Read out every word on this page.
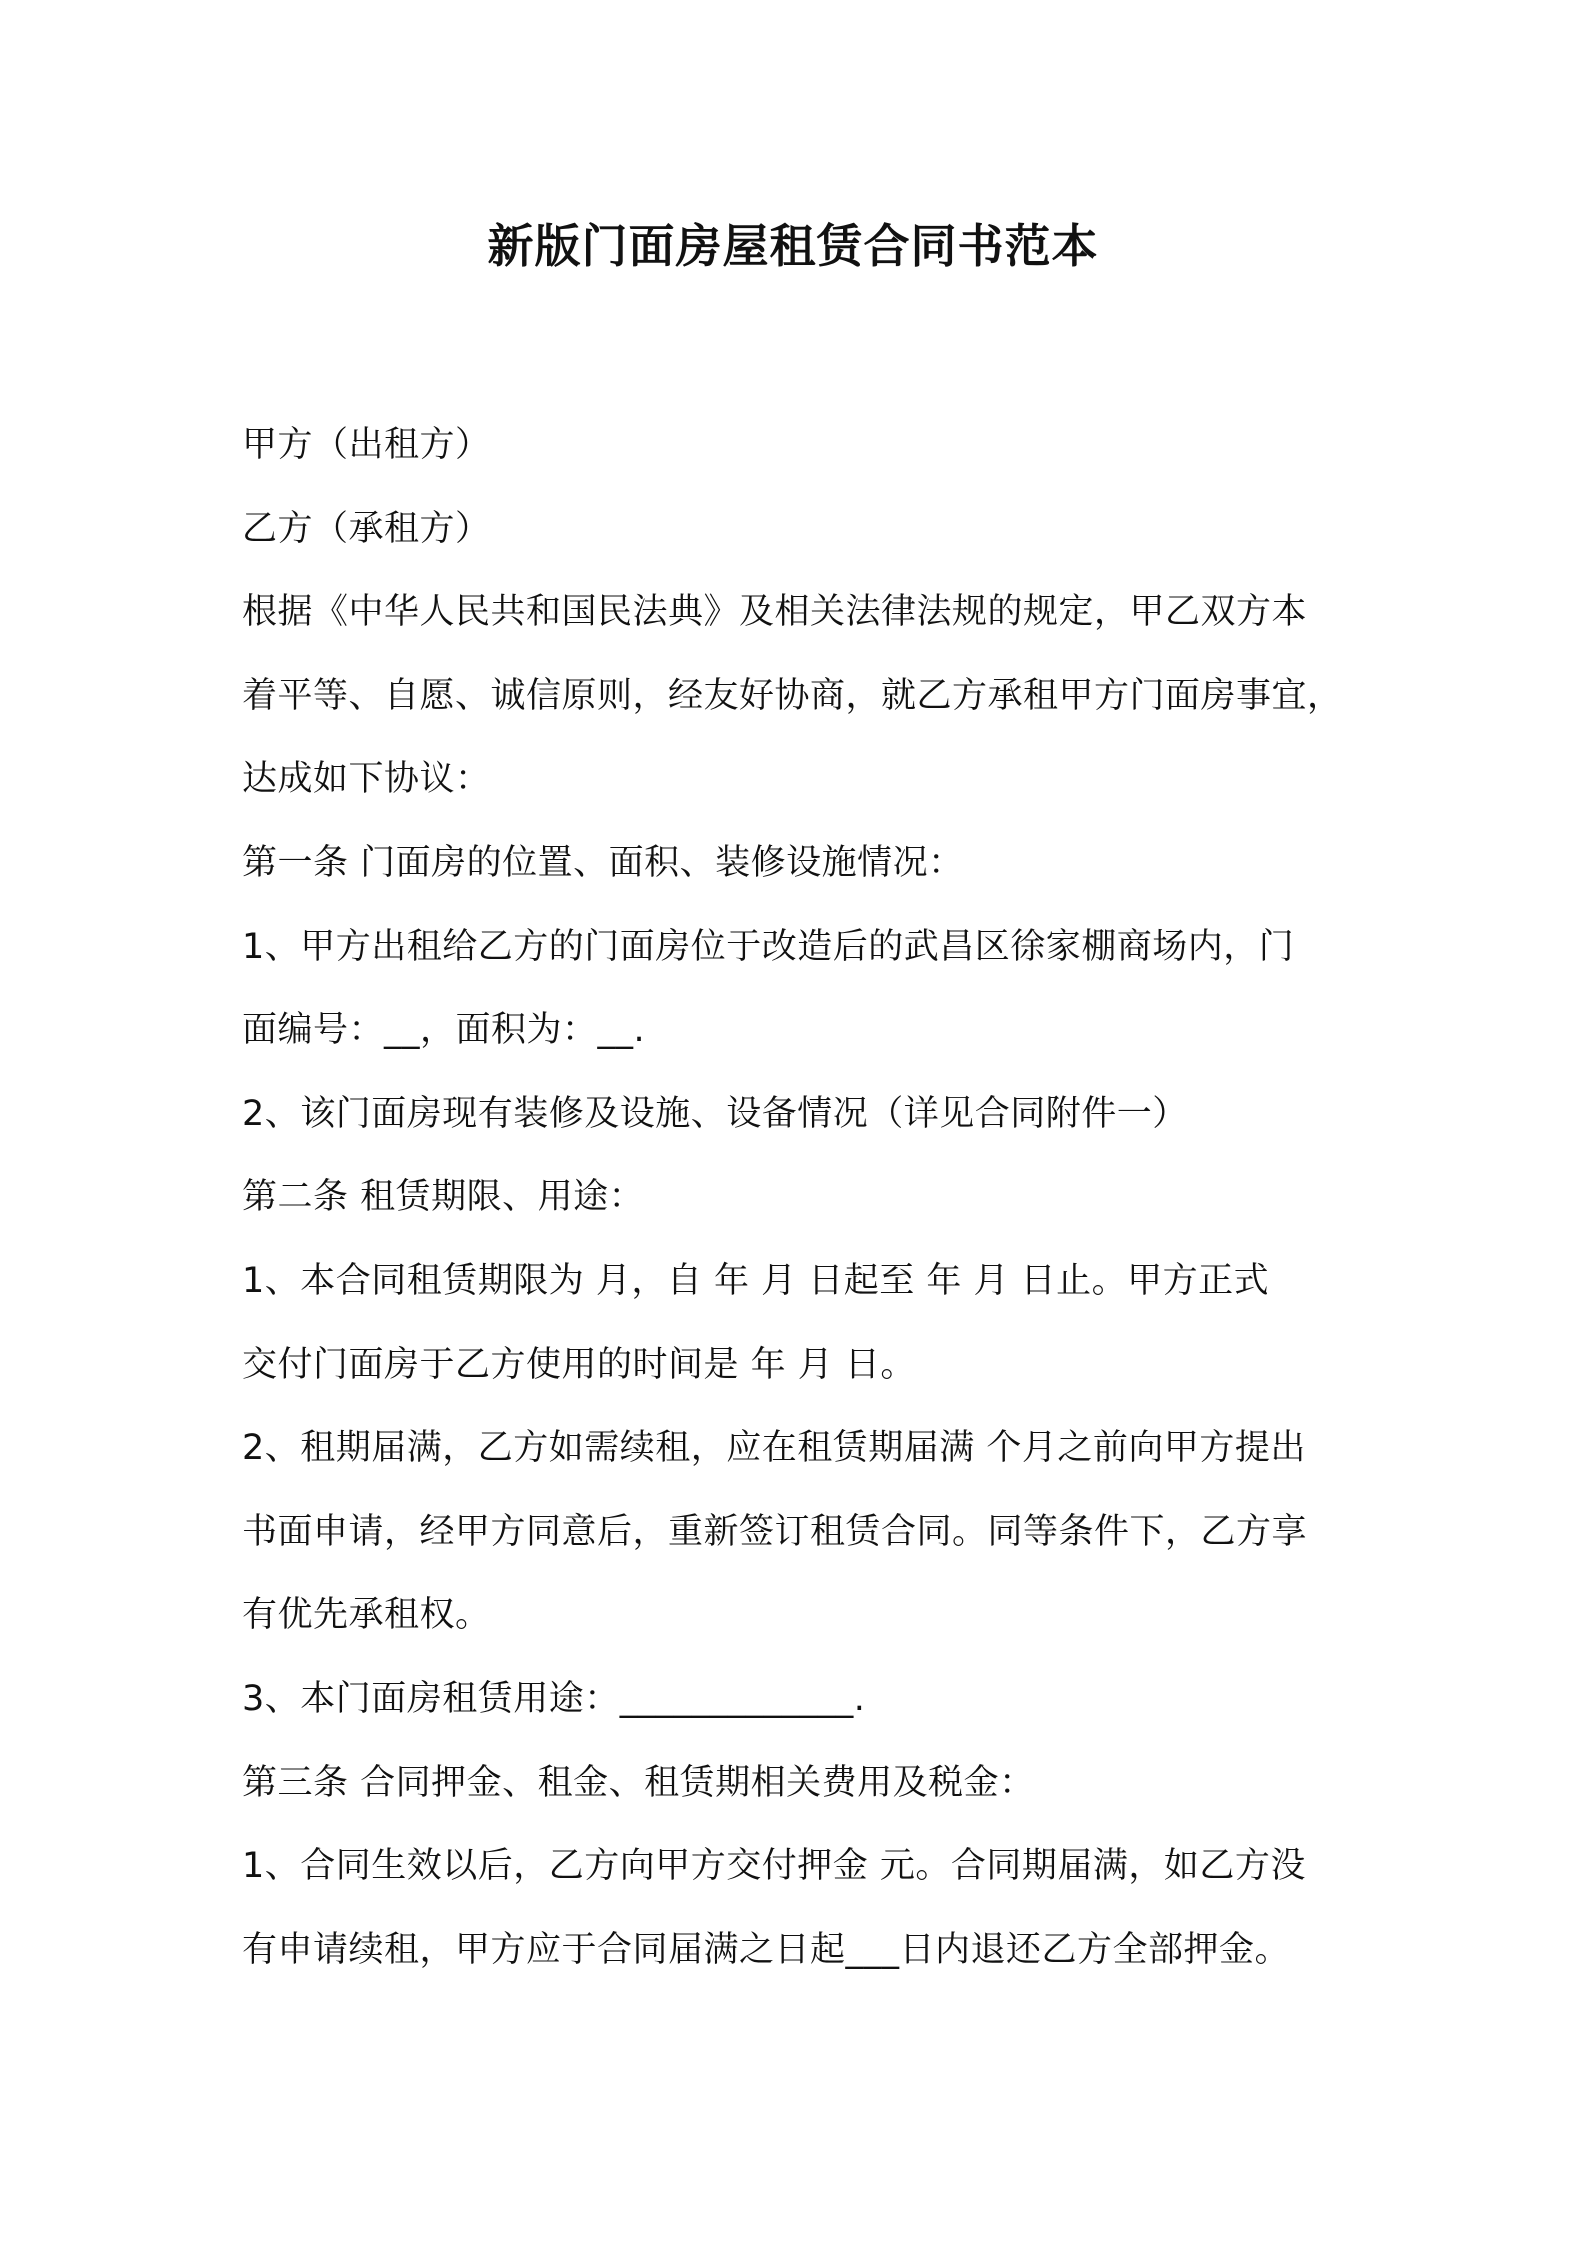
新版门面房屋租赁合同书范本
甲方（出租方）
乙方（承租方）
根据《中华人民共和国民法典》及相关法律法规的规定，甲乙双方本
着平等、自愿、诚信原则，经友好协商，就乙方承租甲方门面房事宜，
达成如下协议：
第一条 门面房的位置、面积、装修设施情况：
1、甲方出租给乙方的门面房位于改造后的武昌区徐家棚商场内，门
面编号：__，面积为：__.
2、该门面房现有装修及设施、设备情况（详见合同附件一）
第二条 租赁期限、用途：
1、本合同租赁期限为 月，自 年 月 日起至 年 月 日止。甲方正式
交付门面房于乙方使用的时间是 年 月 日。
2、租期届满，乙方如需续租，应在租赁期届满 个月之前向甲方提出
书面申请，经甲方同意后，重新签订租赁合同。同等条件下，乙方享
有优先承租权。
3、本门面房租赁用途：_____________.
第三条 合同押金、租金、租赁期相关费用及税金：
1、合同生效以后，乙方向甲方交付押金 元。合同期届满，如乙方没
有申请续租，甲方应于合同届满之日起___日内退还乙方全部押金。
